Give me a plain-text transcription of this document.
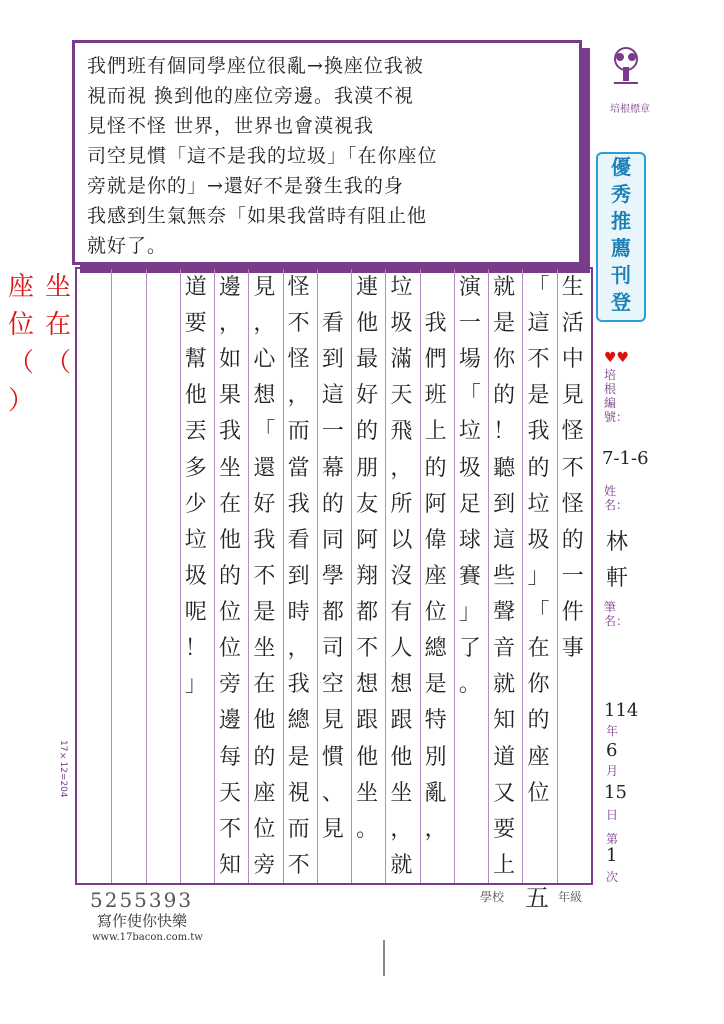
我們班有個同學座位很亂→換座位我被
視而視 換到他的座位旁邊。我漠不視
見怪不怪 世界，世界也會漠視我
司空見慣「這不是我的垃圾」「在你座位
旁就是你的」→還好不是發生我的身
我感到生氣無奈「如果我當時有阻止他
就好了。
培根標章
優
秀
推
薦
刊
登
♥♥
培根編號：
7-1-6
姓名：
林 軒
筆名：
114
年
6
月
15
日
第
1
次
坐
在
（
座
位
（
）
生
活
中
見
怪
不
怪
的
一
件
事
「
這
不
是
我
的
垃
圾
」
「
在
你
的
座
位
就
是
你
的
！
聽
到
這
些
聲
音
就
知
道
又
要
上
演
一
場
「
垃
圾
足
球
賽
」
了
。
我
們
班
上
的
阿
偉
座
位
總
是
特
別
亂
，
垃
圾
滿
天
飛
，
所
以
沒
有
人
想
跟
他
坐
，
就
連
他
最
好
的
朋
友
阿
翔
都
不
想
跟
他
坐
。
看
到
這
一
幕
的
同
學
都
司
空
見
慣
、
見
怪
不
怪
，
而
當
我
看
到
時
，
我
總
是
視
而
不
見
，
心
想
「
還
好
我
不
是
坐
在
他
的
座
位
旁
邊
，
如
果
我
坐
在
他
的
位
位
旁
邊
每
天
不
知
道
要
幫
他
丟
多
少
垃
圾
呢
！
」
17×12=204
學校 五 年級
5255393
寫作使你快樂
www.17bacon.com.tw
